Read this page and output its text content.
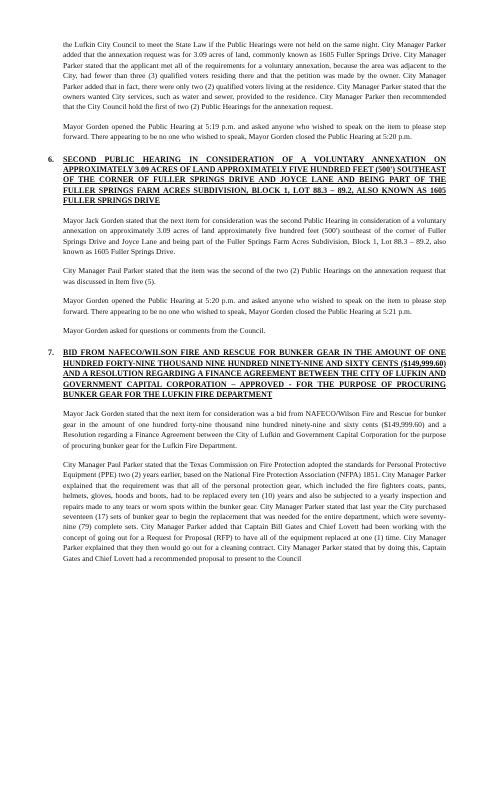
the Lufkin City Council to meet the State Law if the Public Hearings were not held on the same night. City Manager Parker added that the annexation request was for 3.09 acres of land, commonly known as 1605 Fuller Springs Drive. City Manager Parker stated that the applicant met all of the requirements for a voluntary annexation, because the area was adjacent to the City, had fewer than three (3) qualified voters residing there and that the petition was made by the owner. City Manager Parker added that in fact, there were only two (2) qualified voters living at the residence. City Manager Parker stated that the owners wanted City services, such as water and sewer, provided to the residence. City Manager Parker then recommended that the City Council hold the first of two (2) Public Hearings for the annexation request.

Mayor Gorden opened the Public Hearing at 5:19 p.m. and asked anyone who wished to speak on the item to please step forward. There appearing to be no one who wished to speak, Mayor Gorden closed the Public Hearing at 5:20 p.m.

6. SECOND PUBLIC HEARING IN CONSIDERATION OF A VOLUNTARY ANNEXATION ON APPROXIMATELY 3.09 ACRES OF LAND APPROXIMATELY FIVE HUNDRED FEET (500') SOUTHEAST OF THE CORNER OF FULLER SPRINGS DRIVE AND JOYCE LANE AND BEING PART OF THE FULLER SPRINGS FARM ACRES SUBDIVISION, BLOCK 1, LOT 88.3 – 89.2, ALSO KNOWN AS 1605 FULLER SPRINGS DRIVE

Mayor Jack Gorden stated that the next item for consideration was the second Public Hearing in consideration of a voluntary annexation on approximately 3.09 acres of land approximately five hundred feet (500') southeast of the corner of Fuller Springs Drive and Joyce Lane and being part of the Fuller Springs Farm Acres Subdivision, Block 1, Lot 88.3 – 89.2, also known as 1605 Fuller Springs Drive.

City Manager Paul Parker stated that the item was the second of the two (2) Public Hearings on the annexation request that was discussed in Item five (5).

Mayor Gorden opened the Public Hearing at 5:20 p.m. and asked anyone who wished to speak on the item to please step forward. There appearing to be no one who wished to speak, Mayor Gorden closed the Public Hearing at 5:21 p.m.

Mayor Gorden asked for questions or comments from the Council.

7. BID FROM NAFECO/WILSON FIRE AND RESCUE FOR BUNKER GEAR IN THE AMOUNT OF ONE HUNDRED FORTY-NINE THOUSAND NINE HUNDRED NINETY-NINE AND SIXTY CENTS ($149,999.60) AND A RESOLUTION REGARDING A FINANCE AGREEMENT BETWEEN THE CITY OF LUFKIN AND GOVERNMENT CAPITAL CORPORATION – APPROVED - FOR THE PURPOSE OF PROCURING BUNKER GEAR FOR THE LUFKIN FIRE DEPARTMENT

Mayor Jack Gorden stated that the next item for consideration was a bid from NAFECO/Wilson Fire and Rescue for bunker gear in the amount of one hundred forty-nine thousand nine hundred ninety-nine and sixty cents ($149,999.60) and a Resolution regarding a Finance Agreement between the City of Lufkin and Government Capital Corporation for the purpose of procuring bunker gear for the Lufkin Fire Department.

City Manager Paul Parker stated that the Texas Commission on Fire Protection adopted the standards for Personal Protective Equipment (PPE) two (2) years earlier, based on the National Fire Protection Association (NFPA) 1851. City Manager Parker explained that the requirement was that all of the personal protection gear, which included the fire fighters coats, pants, helmets, gloves, hoods and boots, had to be replaced every ten (10) years and also be subjected to a yearly inspection and repairs made to any tears or worn spots within the bunker gear. City Manager Parker stated that last year the City purchased seventeen (17) sets of bunker gear to begin the replacement that was needed for the entire department, which were seventy-nine (79) complete sets. City Manager Parker added that Captain Bill Gates and Chief Lovett had been working with the concept of going out for a Request for Proposal (RFP) to have all of the equipment replaced at one (1) time. City Manager Parker explained that they then would go out for a cleaning contract. City Manager Parker stated that by doing this, Captain Gates and Chief Lovett had a recommended proposal to present to the Council
